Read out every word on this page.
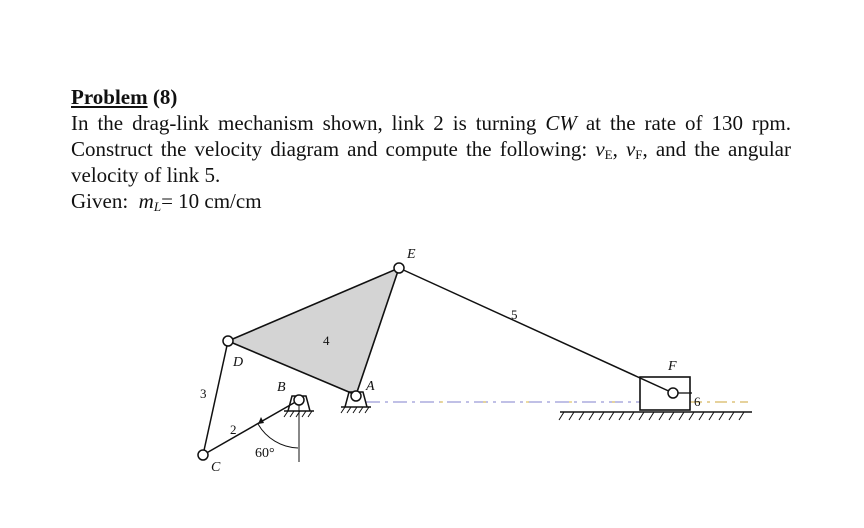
Problem (8)

In the drag-link mechanism shown, link 2 is turning CW at the rate of 130 rpm. Construct the velocity diagram and compute the following: $v_E$, $v_F$, and the angular velocity of link 5.

Given: $m_L= 10$ cm/cm

E
D
B	A
C
F
2
3
4
5
6
60°
